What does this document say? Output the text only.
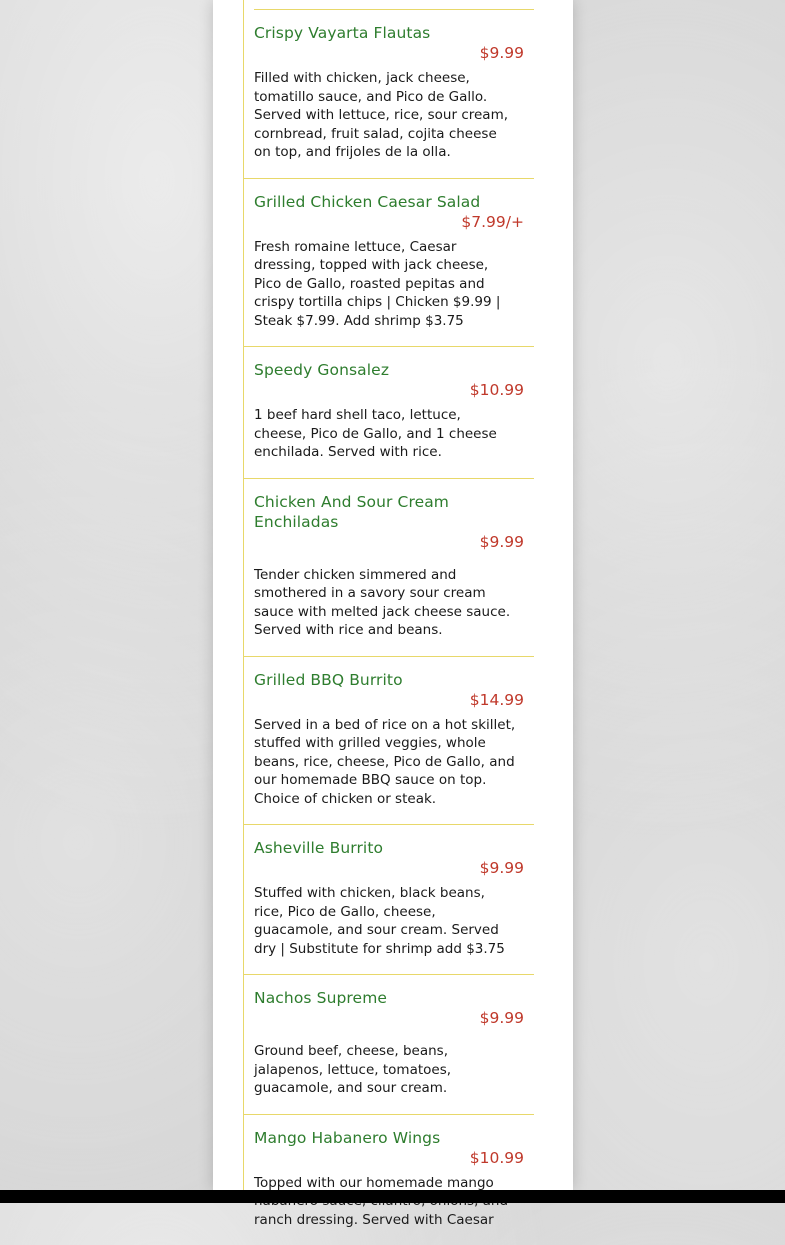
Crispy Vayarta Flautas
$9.99
Filled with chicken, jack cheese, tomatillo sauce, and Pico de Gallo. Served with lettuce, rice, sour cream, cornbread, fruit salad, cojita cheese on top, and frijoles de la olla.
Grilled Chicken Caesar Salad
$7.99/+
Fresh romaine lettuce, Caesar dressing, topped with jack cheese, Pico de Gallo, roasted pepitas and crispy tortilla chips | Chicken $9.99 | Steak $7.99. Add shrimp $3.75
Speedy Gonsalez
$10.99
1 beef hard shell taco, lettuce, cheese, Pico de Gallo, and 1 cheese enchilada. Served with rice.
Chicken And Sour Cream Enchiladas
$9.99
Tender chicken simmered and smothered in a savory sour cream sauce with melted jack cheese sauce. Served with rice and beans.
Grilled BBQ Burrito
$14.99
Served in a bed of rice on a hot skillet, stuffed with grilled veggies, whole beans, rice, cheese, Pico de Gallo, and our homemade BBQ sauce on top. Choice of chicken or steak.
Asheville Burrito
$9.99
Stuffed with chicken, black beans, rice, Pico de Gallo, cheese, guacamole, and sour cream. Served dry | Substitute for shrimp add $3.75
Nachos Supreme
$9.99
Ground beef, cheese, beans, jalapenos, lettuce, tomatoes, guacamole, and sour cream.
Mango Habanero Wings
$10.99
Topped with our homemade mango ranch dressing. Served with Caesar
